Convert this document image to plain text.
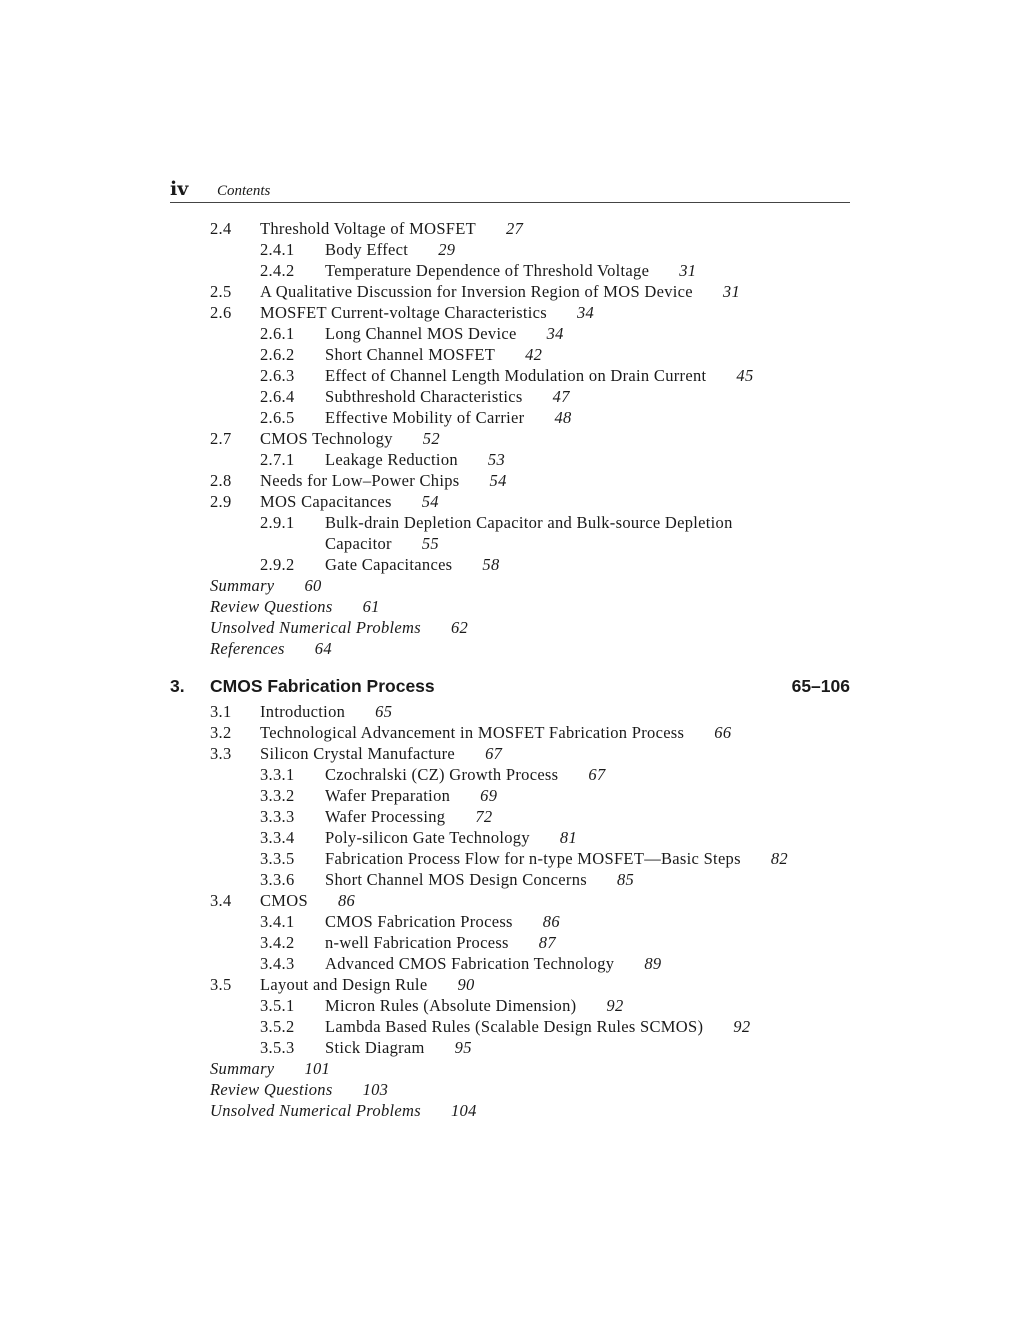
iv Contents
2.4 Threshold Voltage of MOSFET 27
2.4.1 Body Effect 29
2.4.2 Temperature Dependence of Threshold Voltage 31
2.5 A Qualitative Discussion for Inversion Region of MOS Device 31
2.6 MOSFET Current-voltage Characteristics 34
2.6.1 Long Channel MOS Device 34
2.6.2 Short Channel MOSFET 42
2.6.3 Effect of Channel Length Modulation on Drain Current 45
2.6.4 Subthreshold Characteristics 47
2.6.5 Effective Mobility of Carrier 48
2.7 CMOS Technology 52
2.7.1 Leakage Reduction 53
2.8 Needs for Low–Power Chips 54
2.9 MOS Capacitances 54
2.9.1 Bulk-drain Depletion Capacitor and Bulk-source Depletion
Capacitor 55
2.9.2 Gate Capacitances 58
Summary 60
Review Questions 61
Unsolved Numerical Problems 62
References 64
3. CMOS Fabrication Process	65–106
3.1 Introduction 65
3.2 Technological Advancement in MOSFET Fabrication Process 66
3.3 Silicon Crystal Manufacture 67
3.3.1 Czochralski (CZ) Growth Process 67
3.3.2 Wafer Preparation 69
3.3.3 Wafer Processing 72
3.3.4 Poly-silicon Gate Technology 81
3.3.5 Fabrication Process Flow for n-type MOSFET—Basic Steps 82
3.3.6 Short Channel MOS Design Concerns 85
3.4 CMOS 86
3.4.1 CMOS Fabrication Process 86
3.4.2 n-well Fabrication Process 87
3.4.3 Advanced CMOS Fabrication Technology 89
3.5 Layout and Design Rule 90
3.5.1 Micron Rules (Absolute Dimension) 92
3.5.2 Lambda Based Rules (Scalable Design Rules SCMOS) 92
3.5.3 Stick Diagram 95
Summary 101
Review Questions 103
Unsolved Numerical Problems 104
